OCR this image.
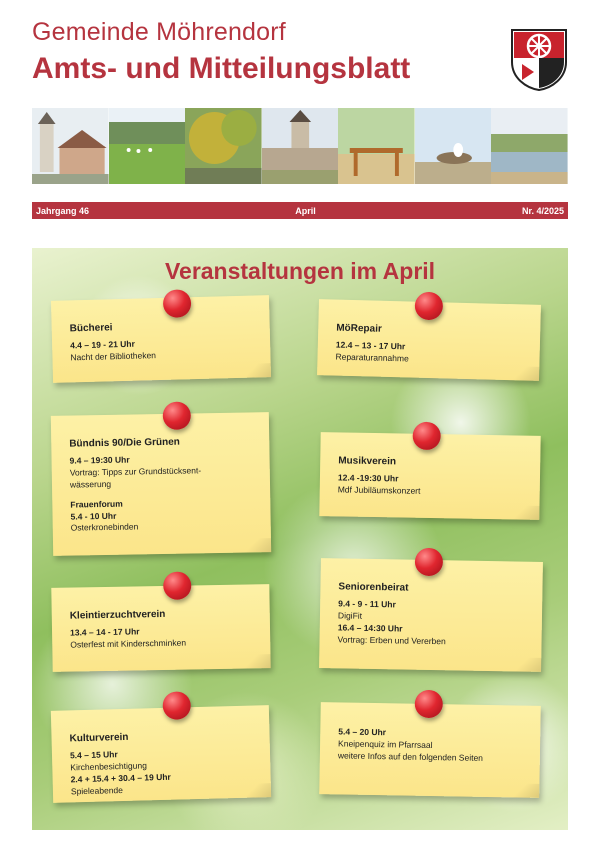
Gemeinde Möhrendorf
Amts- und Mitteilungsblatt
Jahrgang 46	April	Nr. 4/2025
Veranstaltungen im April
Bücherei
4.4 – 19 - 21 Uhr
Nacht der Bibliotheken
MöRepair
12.4 – 13 - 17 Uhr
Reparaturannahme
Bündnis 90/Die Grünen
9.4 – 19:30 Uhr
Vortrag: Tipps zur Grundstücksent-
wässerung
Frauenforum
5.4 - 10 Uhr
Osterkronebinden
Musikverein
12.4 -19:30 Uhr
Mdf Jubiläumskonzert
Kleintierzuchtverein
13.4 – 14 - 17 Uhr
Osterfest mit Kinderschminken
Seniorenbeirat
9.4 - 9 - 11 Uhr
DigiFit
16.4 – 14:30 Uhr
Vortrag: Erben und Vererben
Kulturverein
5.4 – 15 Uhr
Kirchenbesichtigung
2.4 + 15.4 + 30.4 – 19 Uhr
Spieleabende
5.4 – 20 Uhr
Kneipenquiz im Pfarrsaal
weitere Infos auf den folgenden Seiten
